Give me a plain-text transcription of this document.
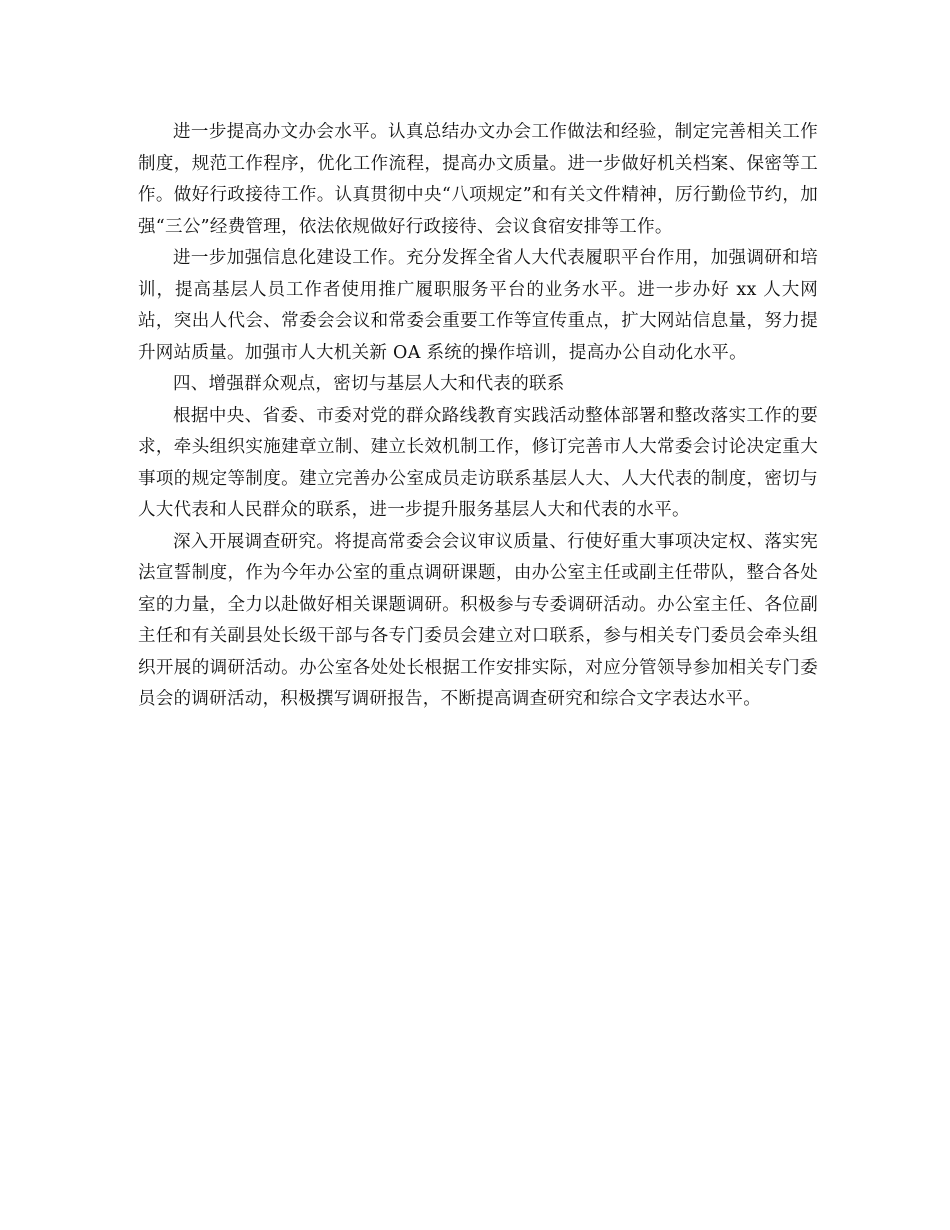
进一步提高办文办会水平。认真总结办文办会工作做法和经验，制定完善相关工作制度，规范工作程序，优化工作流程，提高办文质量。进一步做好机关档案、保密等工作。做好行政接待工作。认真贯彻中央“八项规定”和有关文件精神，厉行勤俭节约，加强“三公”经费管理，依法依规做好行政接待、会议食宿安排等工作。

进一步加强信息化建设工作。充分发挥全省人大代表履职平台作用，加强调研和培训，提高基层人员工作者使用推广履职服务平台的业务水平。进一步办好 xx 人大网站，突出人代会、常委会会议和常委会重要工作等宣传重点，扩大网站信息量，努力提升网站质量。加强市人大机关新 OA 系统的操作培训，提高办公自动化水平。

四、增强群众观点，密切与基层人大和代表的联系

根据中央、省委、市委对党的群众路线教育实践活动整体部署和整改落实工作的要求，牵头组织实施建章立制、建立长效机制工作，修订完善市人大常委会讨论决定重大事项的规定等制度。建立完善办公室成员走访联系基层人大、人大代表的制度，密切与人大代表和人民群众的联系，进一步提升服务基层人大和代表的水平。

深入开展调查研究。将提高常委会会议审议质量、行使好重大事项决定权、落实宪法宣誓制度，作为今年办公室的重点调研课题，由办公室主任或副主任带队，整合各处室的力量，全力以赴做好相关课题调研。积极参与专委调研活动。办公室主任、各位副主任和有关副县处长级干部与各专门委员会建立对口联系，参与相关专门委员会牵头组织开展的调研活动。办公室各处处长根据工作安排实际，对应分管领导参加相关专门委员会的调研活动，积极撰写调研报告，不断提高调查研究和综合文字表达水平。
